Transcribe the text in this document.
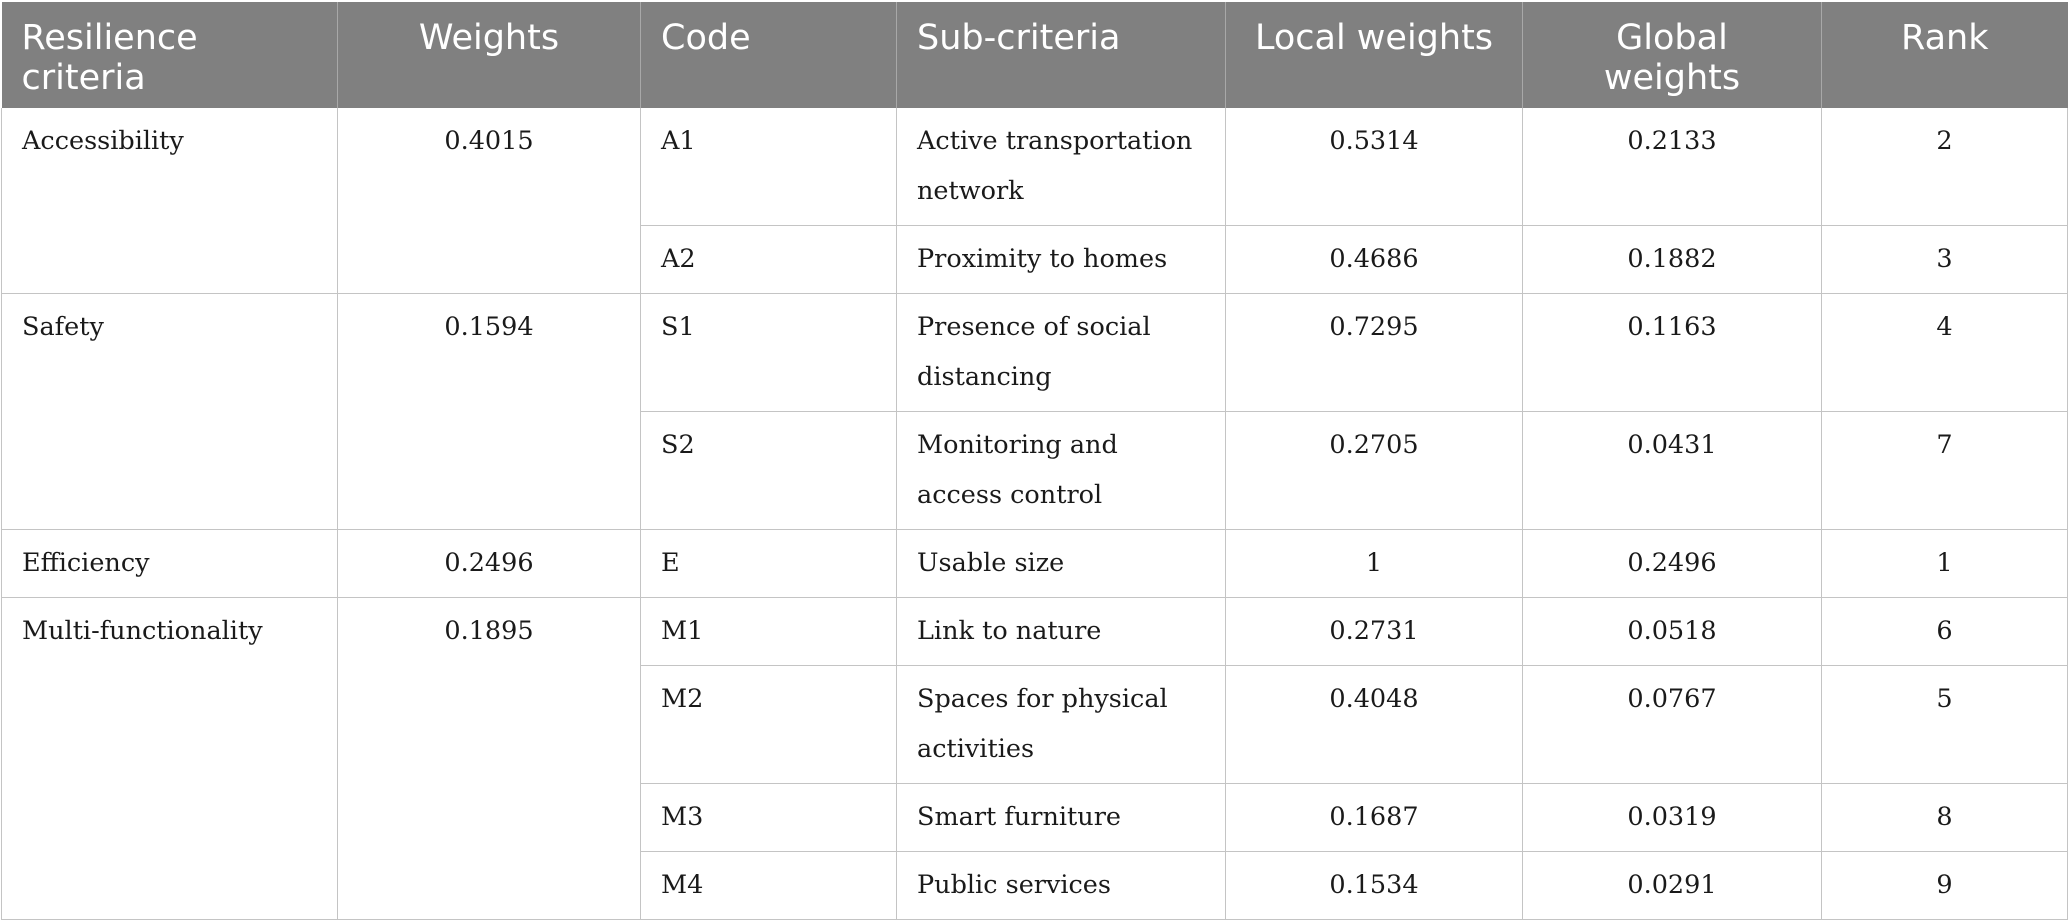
Resilience criteria	Weights	Code	Sub-criteria	Local weights	Global weights	Rank
Accessibility	0.4015	A1	Active transportation network	0.5314	0.2133	2
		A2	Proximity to homes	0.4686	0.1882	3
Safety	0.1594	S1	Presence of social distancing	0.7295	0.1163	4
		S2	Monitoring and access control	0.2705	0.0431	7
Efficiency	0.2496	E	Usable size	1	0.2496	1
Multi-functionality	0.1895	M1	Link to nature	0.2731	0.0518	6
		M2	Spaces for physical activities	0.4048	0.0767	5
		M3	Smart furniture	0.1687	0.0319	8
		M4	Public services	0.1534	0.0291	9
